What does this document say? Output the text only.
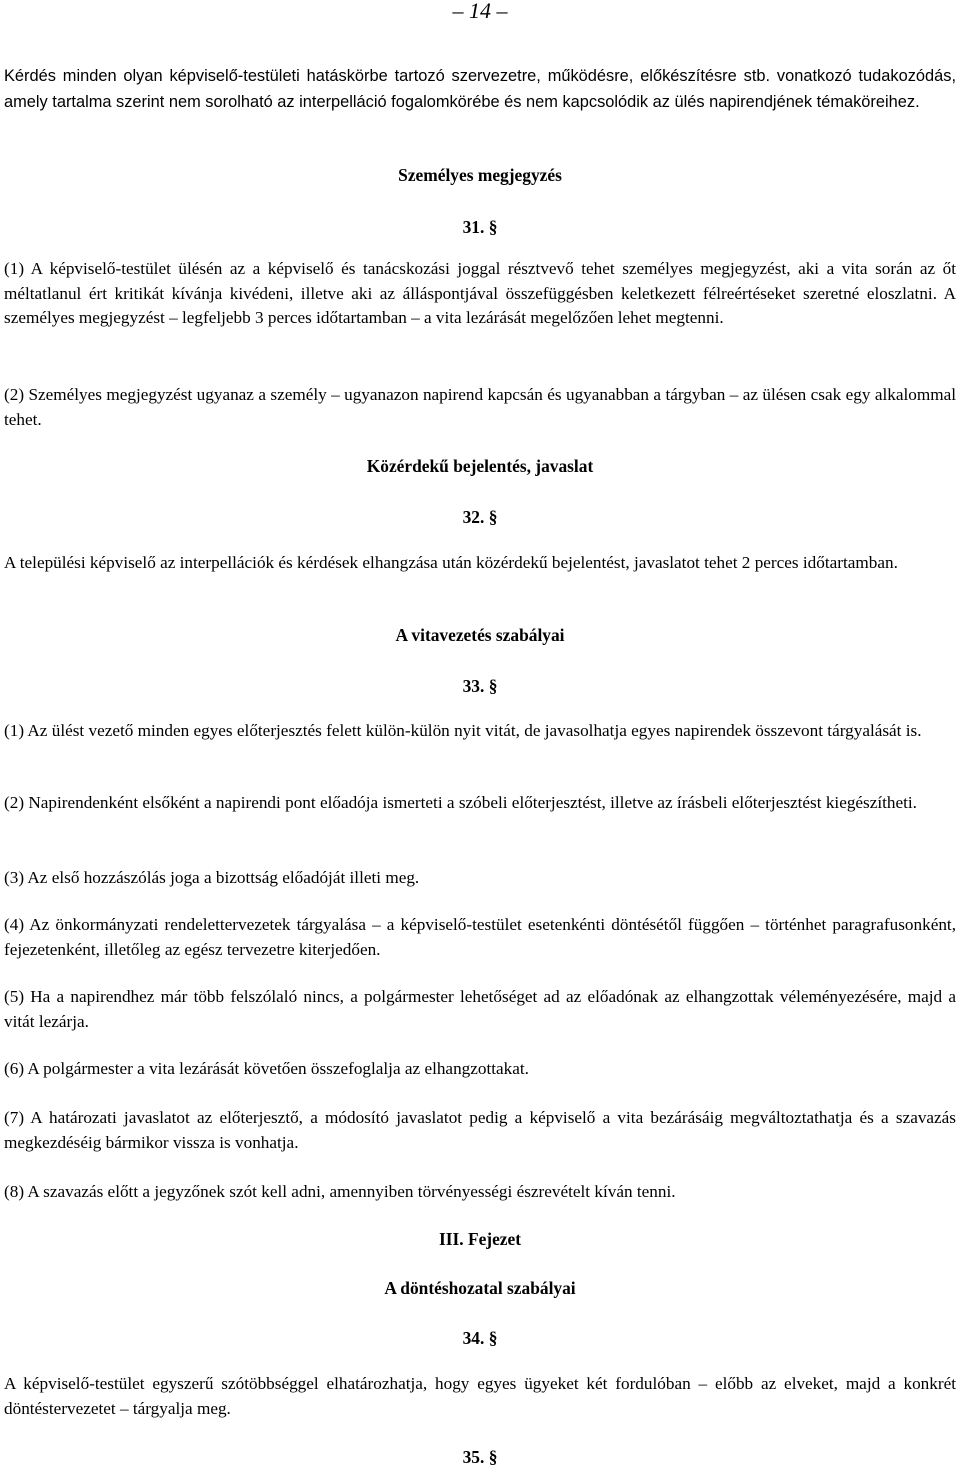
– 14 –

Kérdés minden olyan képviselő-testületi hatáskörbe tartozó szervezetre, működésre, előkészítésre stb. vonatkozó tudakozódás, amely tartalma szerint nem sorolható az interpelláció fogalomkörébe és nem kapcsolódik az ülés napirendjének témaköreihez.

Személyes megjegyzés
31. §

(1) A képviselő-testület ülésén az a képviselő és tanácskozási joggal résztvevő tehet személyes megjegyzést, aki a vita során az őt méltatlanul ért kritikát kívánja kivédeni, illetve aki az álláspontjával összefüggésben keletkezett félreértéseket szeretné eloszlatni. A személyes megjegyzést – legfeljebb 3 perces időtartamban – a vita lezárását megelőzően lehet megtenni.

(2) Személyes megjegyzést ugyanaz a személy – ugyanazon napirend kapcsán és ugyanabban a tárgyban – az ülésen csak egy alkalommal tehet.

Közérdekű bejelentés, javaslat
32. §

A települési képviselő az interpellációk és kérdések elhangzása után közérdekű bejelentést, javaslatot tehet 2 perces időtartamban.

A vitavezetés szabályai
33. §

(1) Az ülést vezető minden egyes előterjesztés felett külön-külön nyit vitát, de javasolhatja egyes napirendek összevont tárgyalását is.

(2) Napirendenként elsőként a napirendi pont előadója ismerteti a szóbeli előterjesztést, illetve az írásbeli előterjesztést kiegészítheti.

(3) Az első hozzászólás joga a bizottság előadóját illeti meg.

(4) Az önkormányzati rendelettervezetek tárgyalása – a képviselő-testület esetenkénti döntésétől függően – történhet paragrafusonként, fejezetenként, illetőleg az egész tervezetre kiterjedően.

(5) Ha a napirendhez már több felszólaló nincs, a polgármester lehetőséget ad az előadónak az elhangzottak véleményezésére, majd a vitát lezárja.

(6) A polgármester a vita lezárását követően összefoglalja az elhangzottakat.

(7) A határozati javaslatot az előterjesztő, a módosító javaslatot pedig a képviselő a vita bezárásáig megváltoztathatja és a szavazás megkezdéséig bármikor vissza is vonhatja.

(8) A szavazás előtt a jegyzőnek szót kell adni, amennyiben törvényességi észrevételt kíván tenni.

III. Fejezet
A döntéshozatal szabályai
34. §

A képviselő-testület egyszerű szótöbbséggel elhatározhatja, hogy egyes ügyeket két fordulóban – előbb az elveket, majd a konkrét döntéstervezetet – tárgyalja meg.

35. §
